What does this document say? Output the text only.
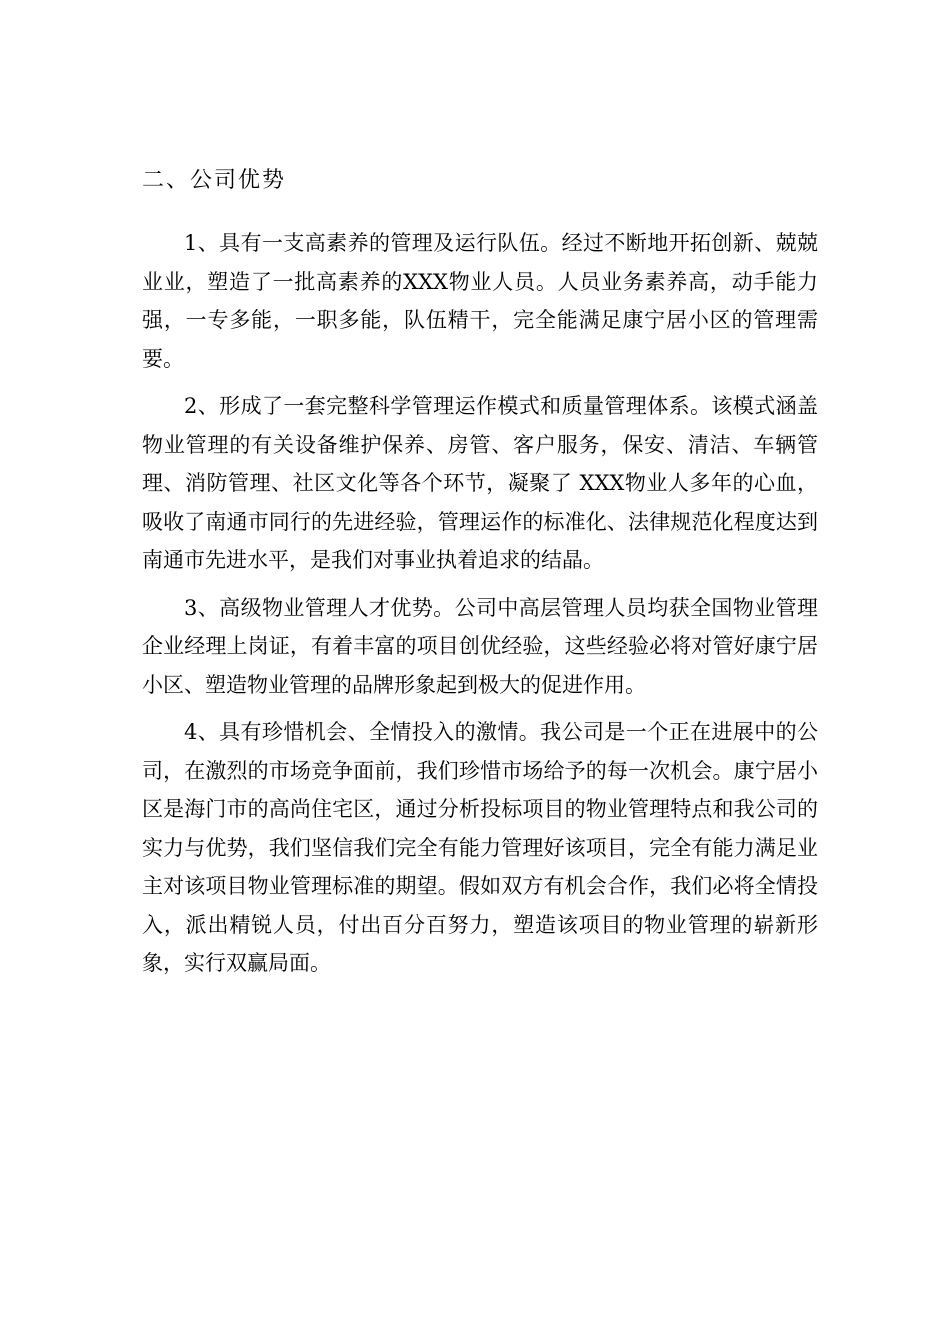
二、公司优势

1、具有一支高素养的管理及运行队伍。经过不断地开拓创新、兢兢业业，塑造了一批高素养的XXX物业人员。人员业务素养高，动手能力强，一专多能，一职多能，队伍精干，完全能满足康宁居小区的管理需要。

2、形成了一套完整科学管理运作模式和质量管理体系。该模式涵盖物业管理的有关设备维护保养、房管、客户服务，保安、清洁、车辆管理、消防管理、社区文化等各个环节，凝聚了 XXX物业人多年的心血，吸收了南通市同行的先进经验，管理运作的标准化、法律规范化程度达到南通市先进水平，是我们对事业执着追求的结晶。

3、高级物业管理人才优势。公司中高层管理人员均获全国物业管理企业经理上岗证，有着丰富的项目创优经验，这些经验必将对管好康宁居小区、塑造物业管理的品牌形象起到极大的促进作用。

4、具有珍惜机会、全情投入的激情。我公司是一个正在进展中的公司，在激烈的市场竞争面前，我们珍惜市场给予的每一次机会。康宁居小区是海门市的高尚住宅区，通过分析投标项目的物业管理特点和我公司的实力与优势，我们坚信我们完全有能力管理好该项目，完全有能力满足业主对该项目物业管理标准的期望。假如双方有机会合作，我们必将全情投入，派出精锐人员，付出百分百努力，塑造该项目的物业管理的崭新形象，实行双赢局面。
